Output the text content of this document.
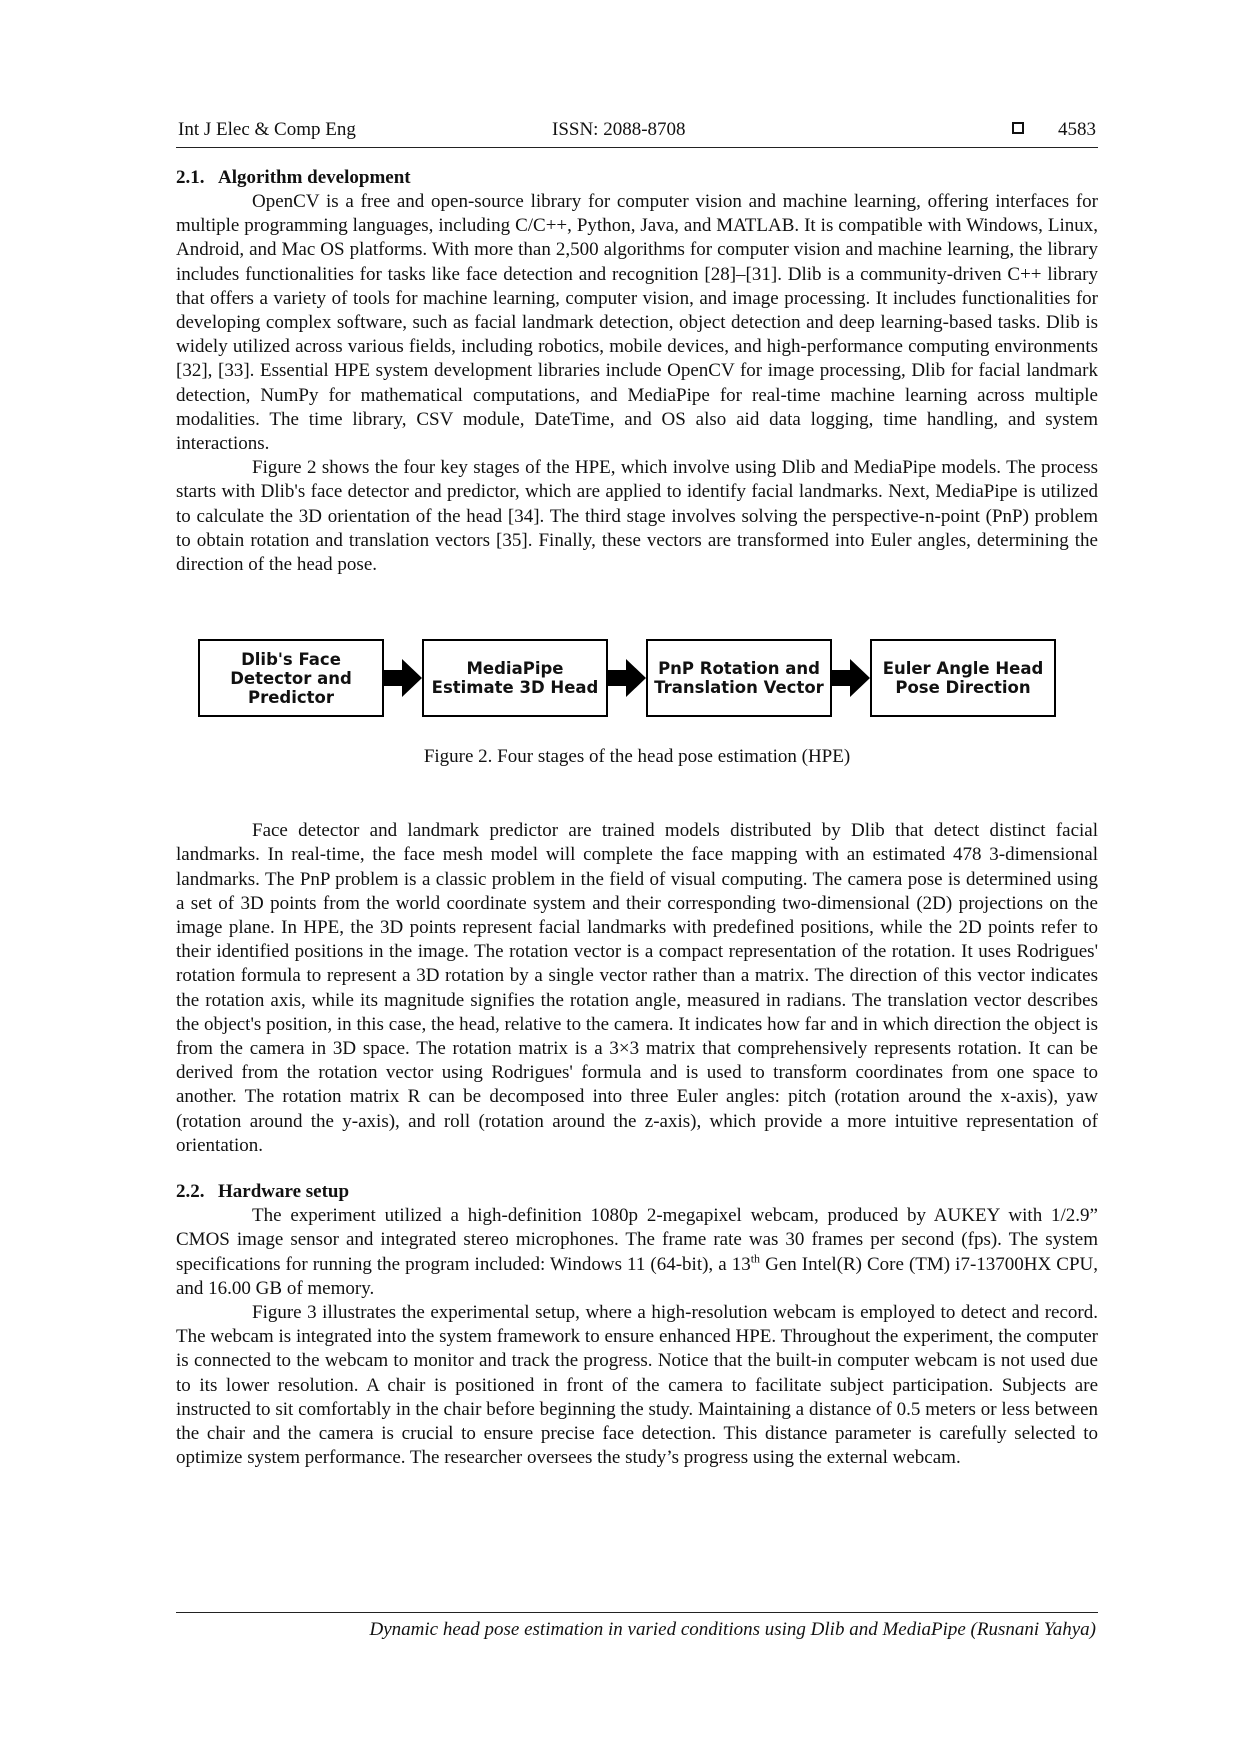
Int J Elec & Comp Eng	ISSN: 2088-8708	4583
2.1. Algorithm development

OpenCV is a free and open-source library for computer vision and machine learning, offering interfaces for multiple programming languages, including C/C++, Python, Java, and MATLAB. It is compatible with Windows, Linux, Android, and Mac OS platforms. With more than 2,500 algorithms for computer vision and machine learning, the library includes functionalities for tasks like face detection and recognition [28]–[31]. Dlib is a community-driven C++ library that offers a variety of tools for machine learning, computer vision, and image processing. It includes functionalities for developing complex software, such as facial landmark detection, object detection and deep learning-based tasks. Dlib is widely utilized across various fields, including robotics, mobile devices, and high-performance computing environments [32], [33]. Essential HPE system development libraries include OpenCV for image processing, Dlib for facial landmark detection, NumPy for mathematical computations, and MediaPipe for real-time machine learning across multiple modalities. The time library, CSV module, DateTime, and OS also aid data logging, time handling, and system interactions.

Figure 2 shows the four key stages of the HPE, which involve using Dlib and MediaPipe models. The process starts with Dlib's face detector and predictor, which are applied to identify facial landmarks. Next, MediaPipe is utilized to calculate the 3D orientation of the head [34]. The third stage involves solving the perspective-n-point (PnP) problem to obtain rotation and translation vectors [35]. Finally, these vectors are transformed into Euler angles, determining the direction of the head pose.

Dlib's Face Detector and Predictor
MediaPipe Estimate 3D Head
PnP Rotation and Translation Vector
Euler Angle Head Pose Direction
Figure 2. Four stages of the head pose estimation (HPE)

Face detector and landmark predictor are trained models distributed by Dlib that detect distinct facial landmarks. In real-time, the face mesh model will complete the face mapping with an estimated 478 3-dimensional landmarks. The PnP problem is a classic problem in the field of visual computing. The camera pose is determined using a set of 3D points from the world coordinate system and their corresponding two-dimensional (2D) projections on the image plane. In HPE, the 3D points represent facial landmarks with predefined positions, while the 2D points refer to their identified positions in the image. The rotation vector is a compact representation of the rotation. It uses Rodrigues' rotation formula to represent a 3D rotation by a single vector rather than a matrix. The direction of this vector indicates the rotation axis, while its magnitude signifies the rotation angle, measured in radians. The translation vector describes the object's position, in this case, the head, relative to the camera. It indicates how far and in which direction the object is from the camera in 3D space. The rotation matrix is a 3×3 matrix that comprehensively represents rotation. It can be derived from the rotation vector using Rodrigues' formula and is used to transform coordinates from one space to another. The rotation matrix R can be decomposed into three Euler angles: pitch (rotation around the x-axis), yaw (rotation around the y-axis), and roll (rotation around the z-axis), which provide a more intuitive representation of orientation.

2.2. Hardware setup

The experiment utilized a high-definition 1080p 2-megapixel webcam, produced by AUKEY with 1/2.9” CMOS image sensor and integrated stereo microphones. The frame rate was 30 frames per second (fps). The system specifications for running the program included: Windows 11 (64-bit), a 13th Gen Intel(R) Core (TM) i7-13700HX CPU, and 16.00 GB of memory.

Figure 3 illustrates the experimental setup, where a high-resolution webcam is employed to detect and record. The webcam is integrated into the system framework to ensure enhanced HPE. Throughout the experiment, the computer is connected to the webcam to monitor and track the progress. Notice that the built-in computer webcam is not used due to its lower resolution. A chair is positioned in front of the camera to facilitate subject participation. Subjects are instructed to sit comfortably in the chair before beginning the study. Maintaining a distance of 0.5 meters or less between the chair and the camera is crucial to ensure precise face detection. This distance parameter is carefully selected to optimize system performance. The researcher oversees the study’s progress using the external webcam.

Dynamic head pose estimation in varied conditions using Dlib and MediaPipe (Rusnani Yahya)
